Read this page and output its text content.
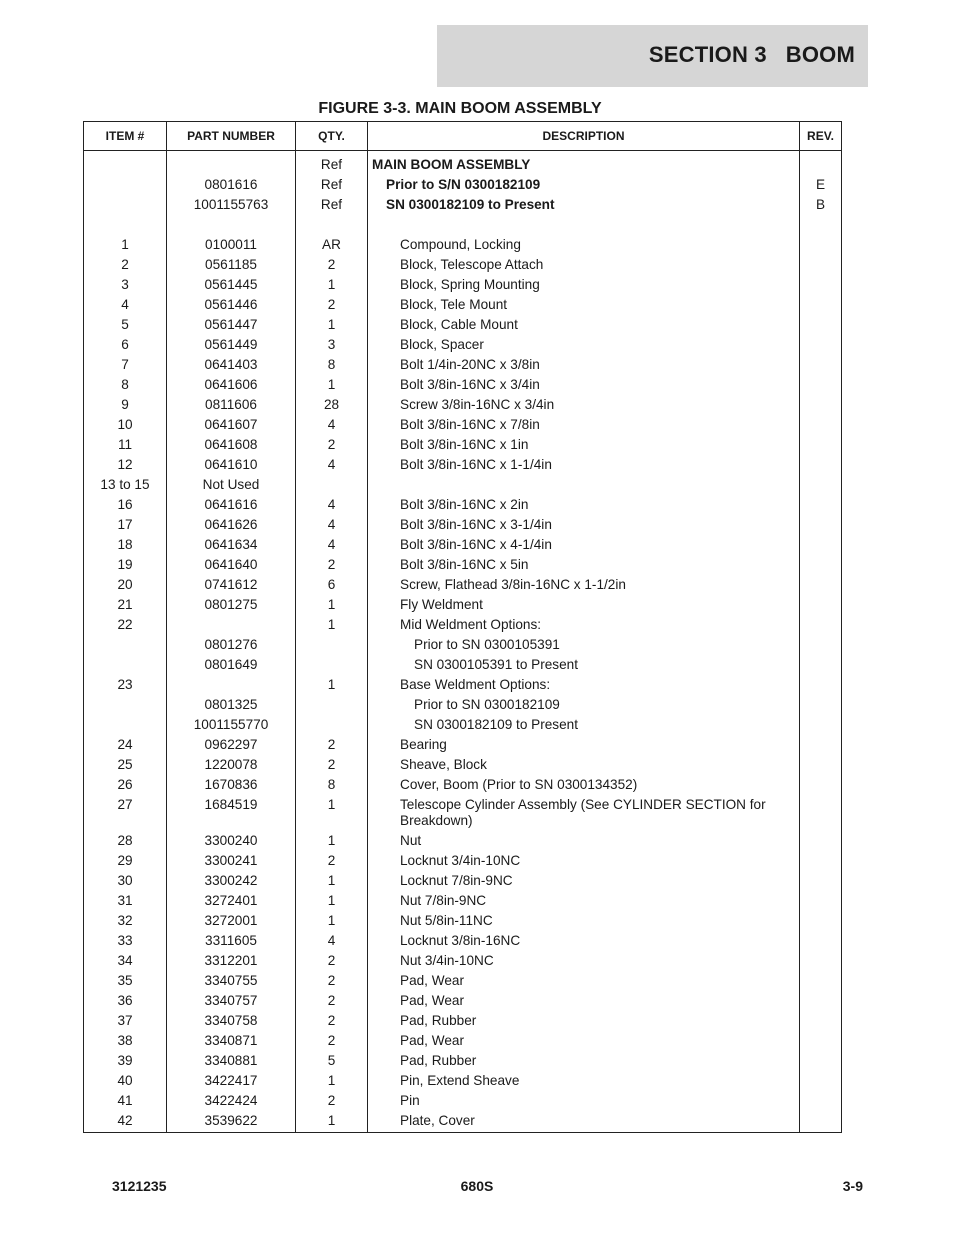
SECTION 3   BOOM
FIGURE 3-3. MAIN BOOM ASSEMBLY
ITEM #	PART NUMBER	QTY.	DESCRIPTION	REV.
		Ref	MAIN BOOM ASSEMBLY	
	0801616	Ref	Prior to S/N 0300182109	E
	1001155763	Ref	SN 0300182109 to Present	B

1	0100011	AR	Compound, Locking	
2	0561185	2	Block, Telescope Attach	
3	0561445	1	Block, Spring Mounting	
4	0561446	2	Block, Tele Mount	
5	0561447	1	Block, Cable Mount	
6	0561449	3	Block, Spacer	
7	0641403	8	Bolt 1/4in-20NC x 3/8in	
8	0641606	1	Bolt 3/8in-16NC x 3/4in	
9	0811606	28	Screw 3/8in-16NC x 3/4in	
10	0641607	4	Bolt 3/8in-16NC x 7/8in	
11	0641608	2	Bolt 3/8in-16NC x 1in	
12	0641610	4	Bolt 3/8in-16NC x 1-1/4in	
13 to 15	Not Used			
16	0641616	4	Bolt 3/8in-16NC x 2in	
17	0641626	4	Bolt 3/8in-16NC x 3-1/4in	
18	0641634	4	Bolt 3/8in-16NC x 4-1/4in	
19	0641640	2	Bolt 3/8in-16NC x 5in	
20	0741612	6	Screw, Flathead 3/8in-16NC x 1-1/2in	
21	0801275	1	Fly Weldment	
22		1	Mid Weldment Options:	
	0801276		Prior to SN 0300105391	
	0801649		SN 0300105391 to Present	
23		1	Base Weldment Options:	
	0801325		Prior to SN 0300182109	
	1001155770		SN 0300182109 to Present	
24	0962297	2	Bearing	
25	1220078	2	Sheave, Block	
26	1670836	8	Cover, Boom (Prior to SN 0300134352)	
27	1684519	1	Telescope Cylinder Assembly (See CYLINDER SECTION for Breakdown)	
28	3300240	1	Nut	
29	3300241	2	Locknut 3/4in-10NC	
30	3300242	1	Locknut 7/8in-9NC	
31	3272401	1	Nut 7/8in-9NC	
32	3272001	1	Nut 5/8in-11NC	
33	3311605	4	Locknut 3/8in-16NC	
34	3312201	2	Nut 3/4in-10NC	
35	3340755	2	Pad, Wear	
36	3340757	2	Pad, Wear	
37	3340758	2	Pad, Rubber	
38	3340871	2	Pad, Wear	
39	3340881	5	Pad, Rubber	
40	3422417	1	Pin, Extend Sheave	
41	3422424	2	Pin	
42	3539622	1	Plate, Cover	
3121235	680S	3-9
